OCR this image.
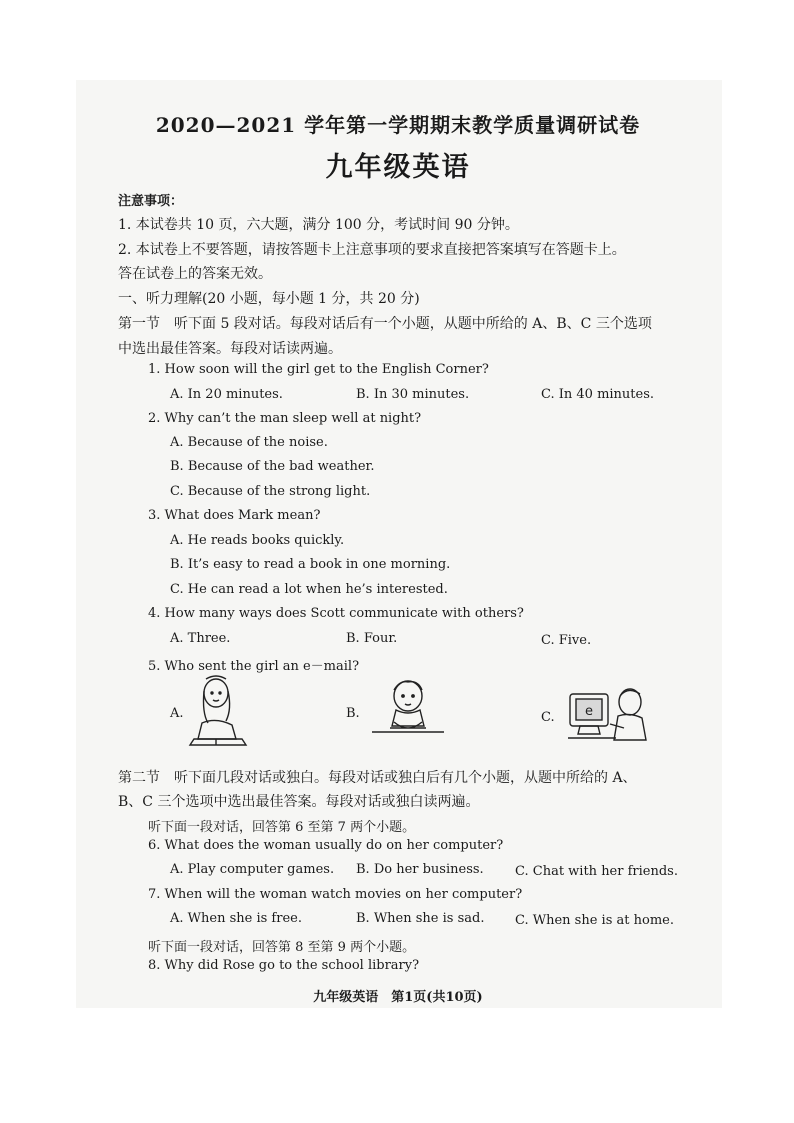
2020—2021 学年第一学期期末教学质量调研试卷
九年级英语
注意事项：
1. 本试卷共 10 页，六大题，满分 100 分，考试时间 90 分钟。
2. 本试卷上不要答题，请按答题卡上注意事项的要求直接把答案填写在答题卡上。
答在试卷上的答案无效。
一、听力理解(20 小题，每小题 1 分，共 20 分)
第一节　听下面 5 段对话。每段对话后有一个小题，从题中所给的 A、B、C 三个选项
中选出最佳答案。每段对话读两遍。
1. How soon will the girl get to the English Corner?
A. In 20 minutes.	B. In 30 minutes.	C. In 40 minutes.
2. Why can’t the man sleep well at night?
A. Because of the noise.
B. Because of the bad weather.
C. Because of the strong light.
3. What does Mark mean?
A. He reads books quickly.
B. It’s easy to read a book in one morning.
C. He can read a lot when he’s interested.
4. How many ways does Scott communicate with others?
A. Three.	B. Four.	C. Five.
5. Who sent the girl an e－mail?
A.	B.	C. e
第二节　听下面几段对话或独白。每段对话或独白后有几个小题，从题中所给的 A、
B、C 三个选项中选出最佳答案。每段对话或独白读两遍。
听下面一段对话，回答第 6 至第 7 两个小题。
6. What does the woman usually do on her computer?
A. Play computer games. B. Do her business. C. Chat with her friends.
7. When will the woman watch movies on her computer?
A. When she is free.	B. When she is sad. C. When she is at home.
听下面一段对话，回答第 8 至第 9 两个小题。
8. Why did Rose go to the school library?
九年级英语　第1页(共10页)
